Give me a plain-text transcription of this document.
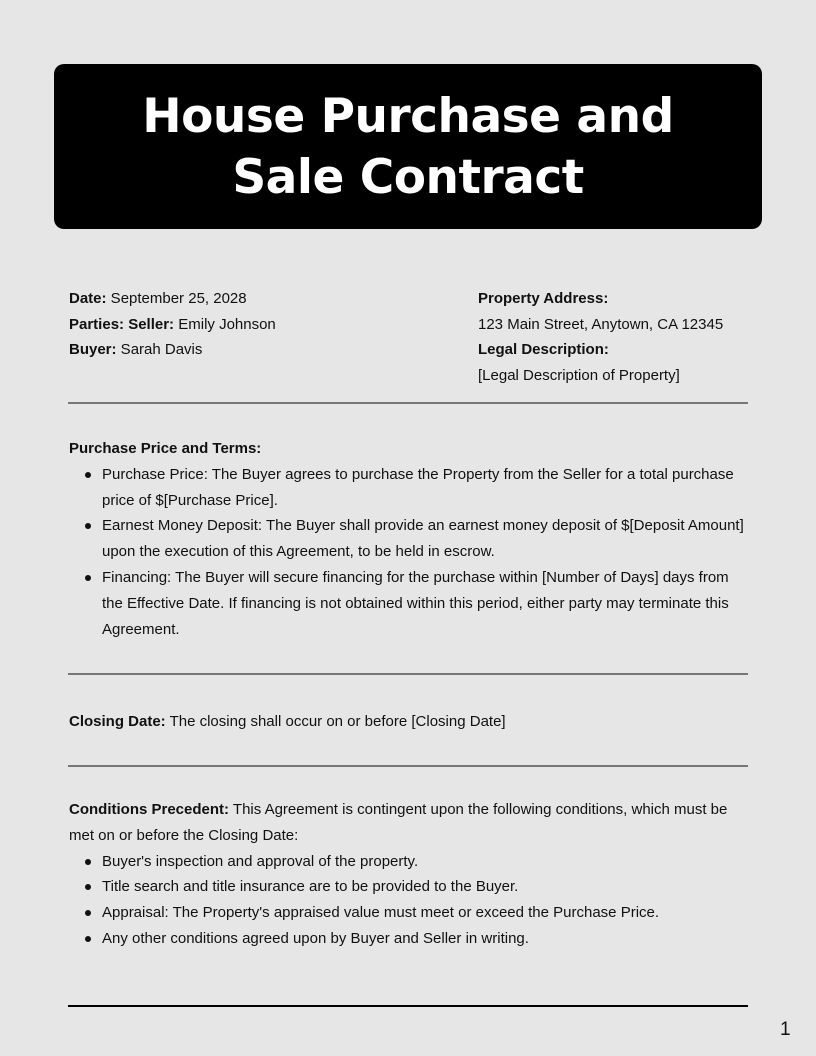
House Purchase and Sale Contract
Date: September 25, 2028
Parties: Seller: Emily Johnson
Buyer: Sarah Davis
Property Address:
123 Main Street, Anytown, CA 12345
Legal Description:
[Legal Description of Property]
Purchase Price and Terms:
Purchase Price: The Buyer agrees to purchase the Property from the Seller for a total purchase price of $[Purchase Price].
Earnest Money Deposit: The Buyer shall provide an earnest money deposit of $[Deposit Amount] upon the execution of this Agreement, to be held in escrow.
Financing: The Buyer will secure financing for the purchase within [Number of Days] days from the Effective Date. If financing is not obtained within this period, either party may terminate this Agreement.
Closing Date: The closing shall occur on or before [Closing Date]
Conditions Precedent: This Agreement is contingent upon the following conditions, which must be met on or before the Closing Date:
Buyer's inspection and approval of the property.
Title search and title insurance are to be provided to the Buyer.
Appraisal: The Property's appraised value must meet or exceed the Purchase Price.
Any other conditions agreed upon by Buyer and Seller in writing.
1
